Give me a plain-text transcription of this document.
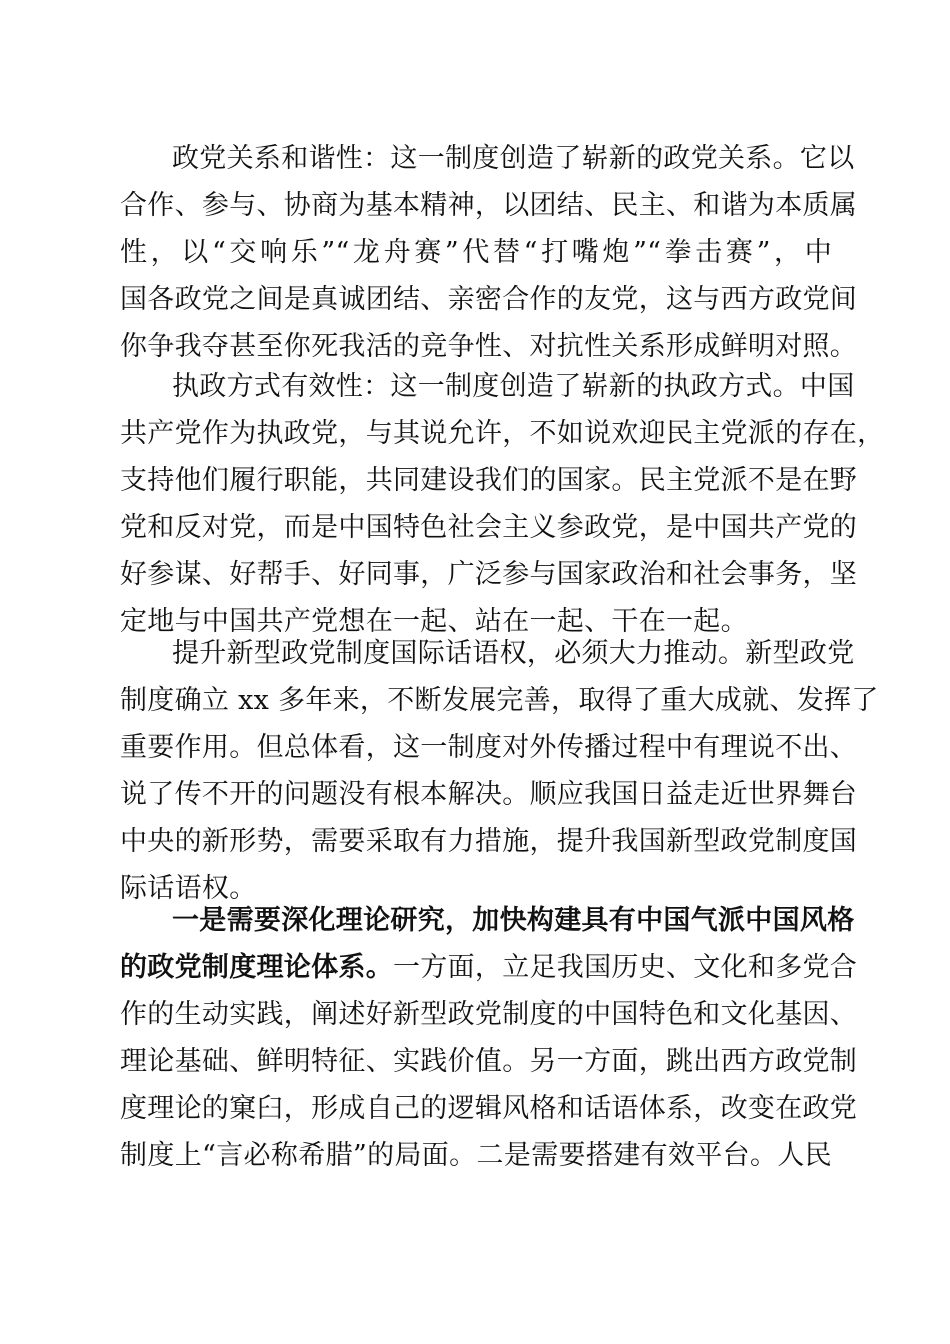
政党关系和谐性：这一制度创造了崭新的政党关系。它以
合作、参与、协商为基本精神，以团结、民主、和谐为本质属
性，以“交响乐”“龙舟赛”代替“打嘴炮”“拳击赛”，中
国各政党之间是真诚团结、亲密合作的友党，这与西方政党间
你争我夺甚至你死我活的竞争性、对抗性关系形成鲜明对照。
执政方式有效性：这一制度创造了崭新的执政方式。中国
共产党作为执政党，与其说允许，不如说欢迎民主党派的存在，
支持他们履行职能，共同建设我们的国家。民主党派不是在野
党和反对党，而是中国特色社会主义参政党，是中国共产党的
好参谋、好帮手、好同事，广泛参与国家政治和社会事务，坚
定地与中国共产党想在一起、站在一起、干在一起。
提升新型政党制度国际话语权，必须大力推动。新型政党
制度确立 xx 多年来，不断发展完善，取得了重大成就、发挥了
重要作用。但总体看，这一制度对外传播过程中有理说不出、
说了传不开的问题没有根本解决。顺应我国日益走近世界舞台
中央的新形势，需要采取有力措施，提升我国新型政党制度国
际话语权。
一是需要深化理论研究，加快构建具有中国气派中国风格
的政党制度理论体系。 一方面，立足我国历史、文化和多党合
作的生动实践，阐述好新型政党制度的中国特色和文化基因、
理论基础、鲜明特征、实践价值。另一方面，跳出西方政党制
度理论的窠臼，形成自己的逻辑风格和话语体系，改变在政党
制度上“言必称希腊”的局面。二是需要搭建有效平台。人民
